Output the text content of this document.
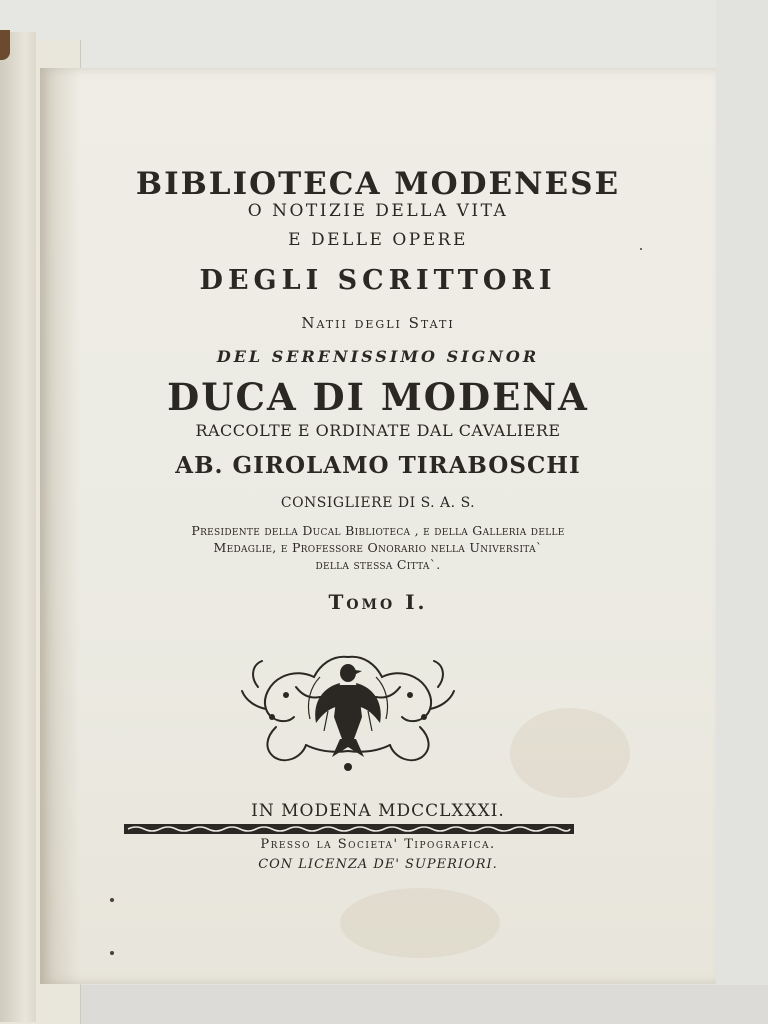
BIBLIOTECA MODENESE
O NOTIZIE DELLA VITA
E DELLE OPERE
DEGLI SCRITTORI
Natii degli Stati
DEL SERENISSIMO SIGNOR
DUCA DI MODENA
RACCOLTE E ORDINATE DAL CAVALIERE
AB. GIROLAMO TIRABOSCHI
CONSIGLIERE DI S. A. S.
Presidente della Ducal Biblioteca , e della Galleria delle
Medaglie, e Professore Onorario nella Universita`
della stessa Citta`.
Tomo I.
IN MODENA MDCCLXXXI.
Presso la Societa' Tipografica.
CON LICENZA DE' SUPERIORI.
